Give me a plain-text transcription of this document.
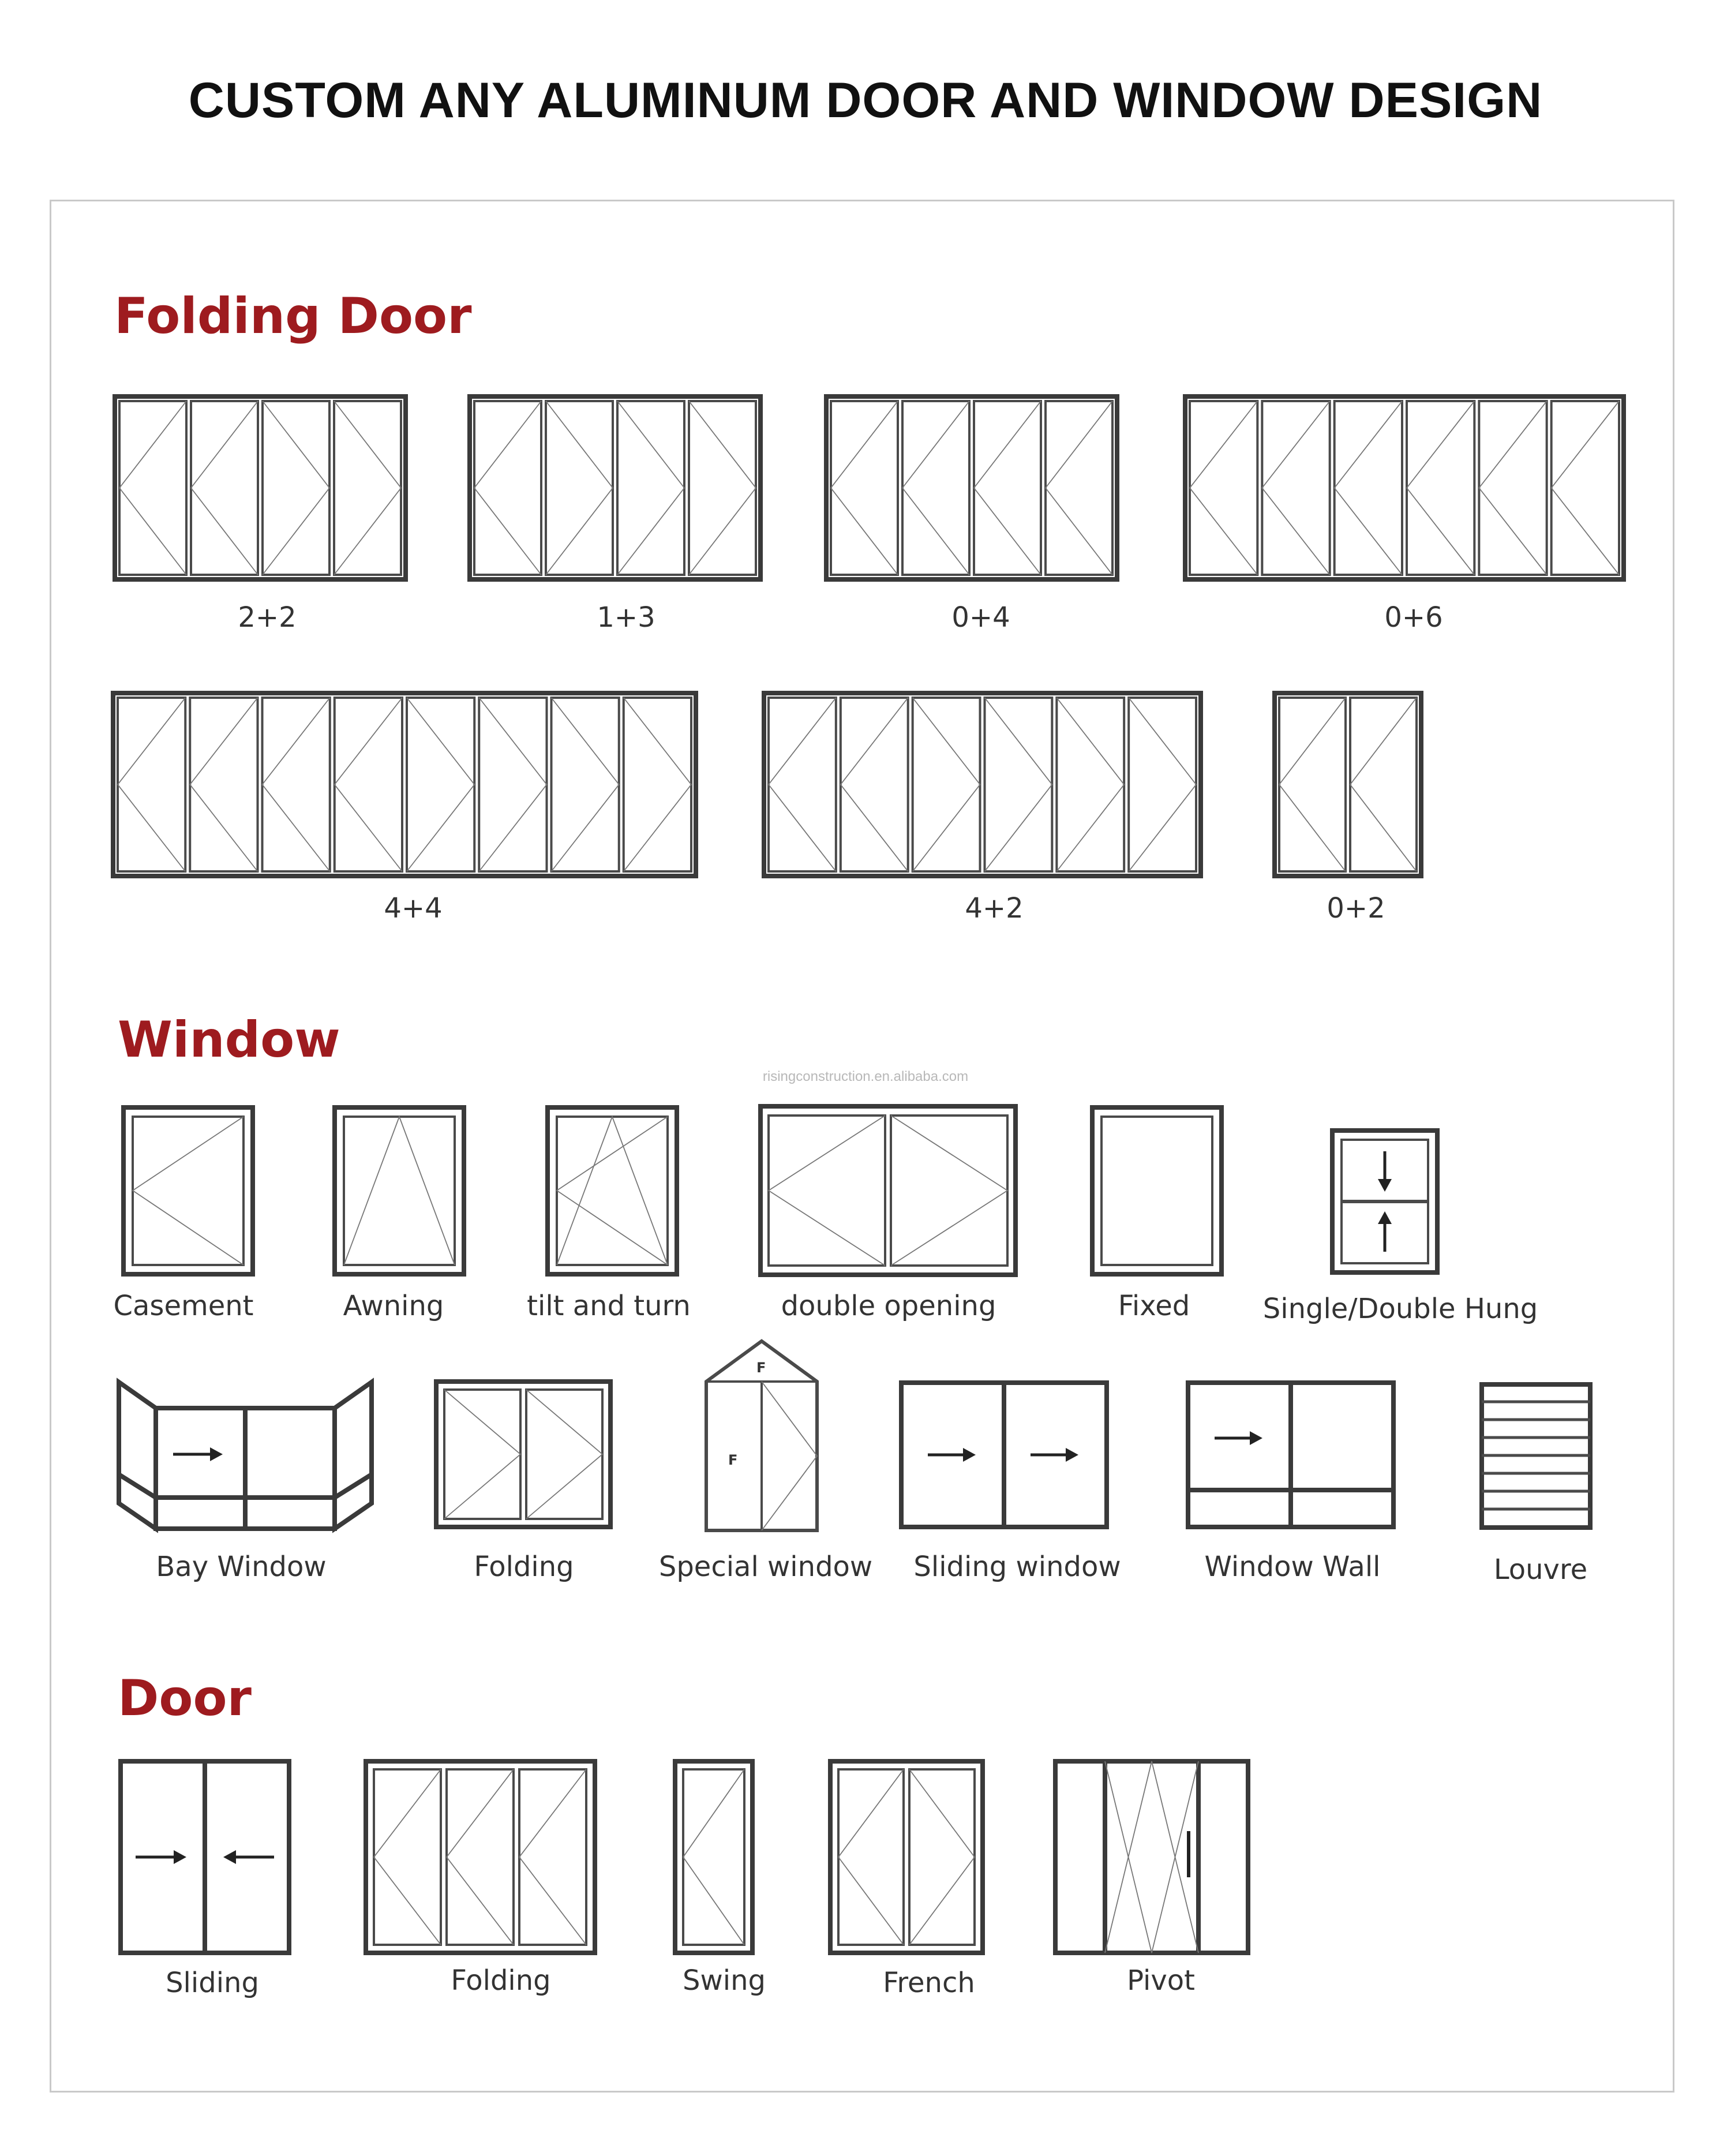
CUSTOM ANY ALUMINUM DOOR AND WINDOW DESIGN
Folding Door
Window
Door
risingconstruction.en.alibaba.com
2+2	1+3	0+4	0+6
4+4	4+2	0+2
Casement	Awning	tilt and turn	double opening	Fixed	Single/Double Hung
F
F
Bay Window	Folding	Special window Sliding window	Window Wall	Louvre
Sliding	Folding	Swing	French	Pivot
